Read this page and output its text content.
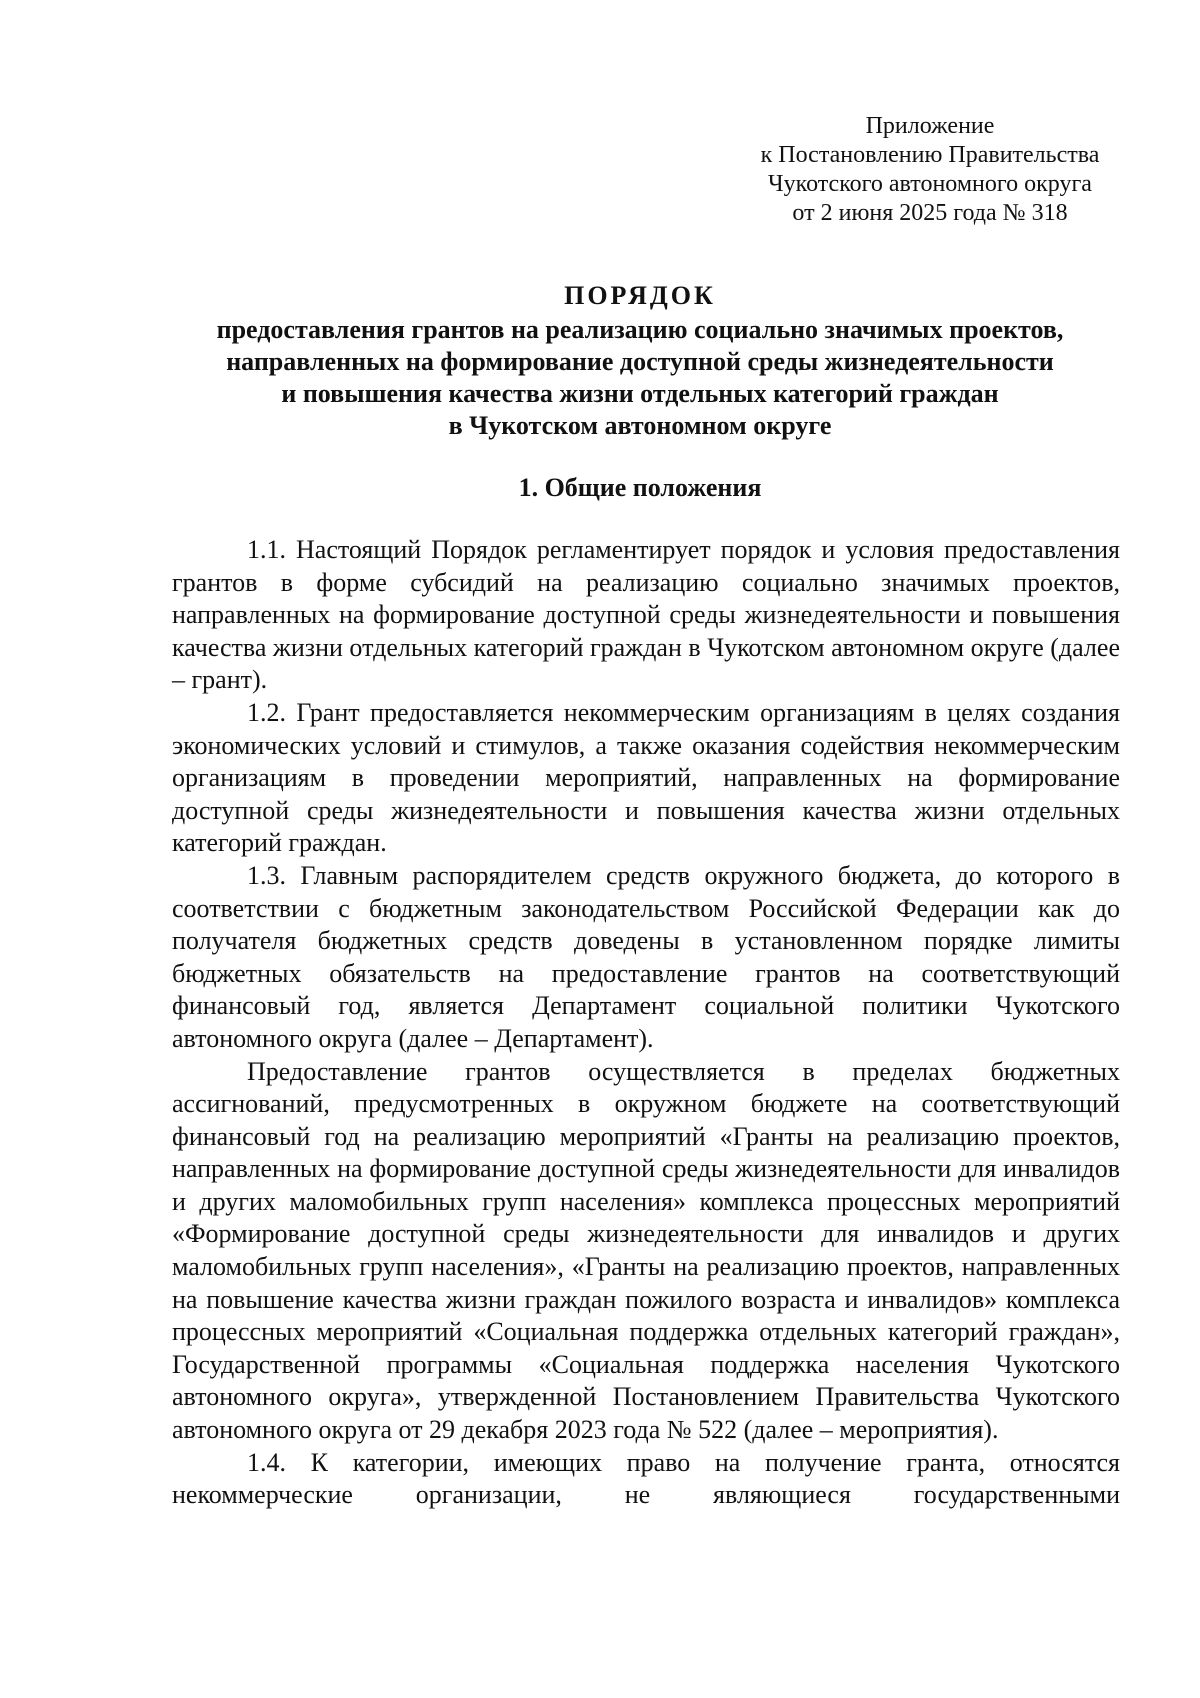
Приложение
к Постановлению Правительства
Чукотского автономного округа
от 2 июня 2025 года № 318
ПОРЯДОК
предоставления грантов на реализацию социально значимых проектов,
направленных на формирование доступной среды жизнедеятельности
и повышения качества жизни отдельных категорий граждан
в Чукотском автономном округе
1. Общие положения

1.1. Настоящий Порядок регламентирует порядок и условия предоставления грантов в форме субсидий на реализацию социально значимых проектов, направленных на формирование доступной среды жизнедеятельности и повышения качества жизни отдельных категорий граждан в Чукотском автономном округе (далее – грант).

1.2. Грант предоставляется некоммерческим организациям в целях создания экономических условий и стимулов, а также оказания содействия некоммерческим организациям в проведении мероприятий, направленных на формирование доступной среды жизнедеятельности и повышения качества жизни отдельных категорий граждан.

1.3. Главным распорядителем средств окружного бюджета, до которого в соответствии с бюджетным законодательством Российской Федерации как до получателя бюджетных средств доведены в установленном порядке лимиты бюджетных обязательств на предоставление грантов на соответствующий финансовый год, является Департамент социальной политики Чукотского автономного округа (далее – Департамент).

Предоставление грантов осуществляется в пределах бюджетных ассигнований, предусмотренных в окружном бюджете на соответствующий финансовый год на реализацию мероприятий «Гранты на реализацию проектов, направленных на формирование доступной среды жизнедеятельности для инвалидов и других маломобильных групп населения» комплекса процессных мероприятий «Формирование доступной среды жизнедеятельности для инвалидов и других маломобильных групп населения», «Гранты на реализацию проектов, направленных на повышение качества жизни граждан пожилого возраста и инвалидов» комплекса процессных мероприятий «Социальная поддержка отдельных категорий граждан», Государственной программы «Социальная поддержка населения Чукотского автономного округа», утвержденной Постановлением Правительства Чукотского автономного округа от 29 декабря 2023 года № 522 (далее – мероприятия).

1.4. К категории, имеющих право на получение гранта, относятся некоммерческие организации, не являющиеся государственными
